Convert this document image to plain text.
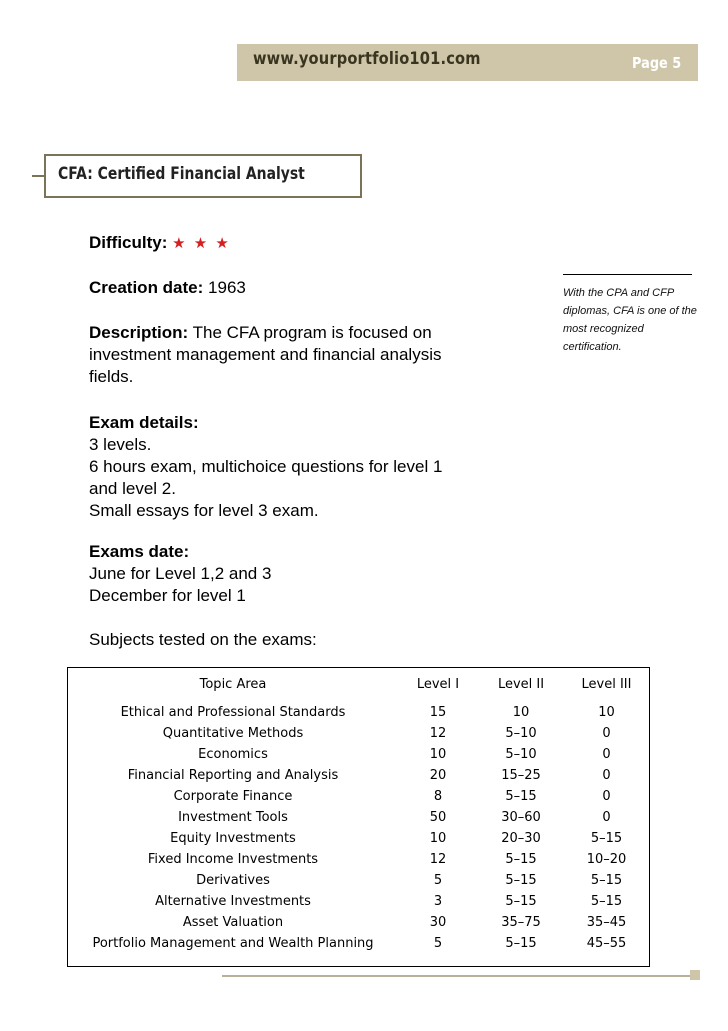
www.yourportfolio101.com	Page 5
CFA: Certified Financial Analyst
Difficulty: ★ ★ ★
Creation date: 1963
Description: The CFA program is focused on
investment management and financial analysis
fields.
Exam details:
3 levels.
6 hours exam, multichoice questions for level 1
and level 2.
Small essays for level 3 exam.
Exams date:
June for Level 1,2 and 3
December for level 1
Subjects tested on the exams:
With the CPA and CFP diplomas, CFA is one of the most recognized certification.
Topic Area	Level I	Level II	Level III
Ethical and Professional Standards	15	10	10
Quantitative Methods	12	5–10	0
Economics	10	5–10	0
Financial Reporting and Analysis	20	15–25	0
Corporate Finance	8	5–15	0
Investment Tools	50	30–60	0
Equity Investments	10	20–30	5–15
Fixed Income Investments	12	5–15	10–20
Derivatives	5	5–15	5–15
Alternative Investments	3	5–15	5–15
Asset Valuation	30	35–75	35–45
Portfolio Management and Wealth Planning	5	5–15	45–55
